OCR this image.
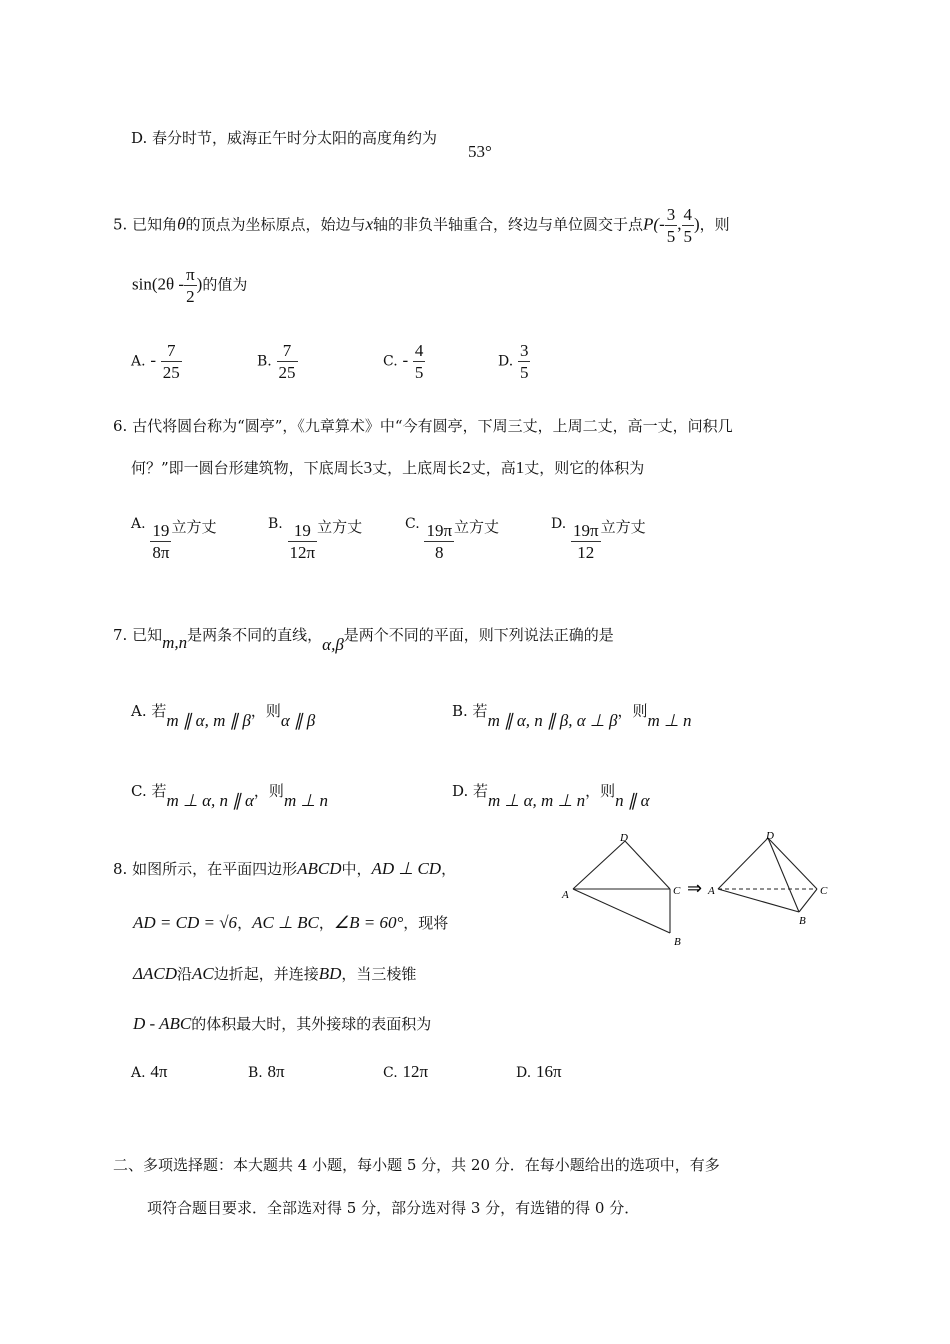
D. 春分时节，威海正午时分太阳的高度角约为
53°
5. 已知角θ的顶点为坐标原点，始边与x轴的非负半轴重合，终边与单位圆交于点$P(- \frac{3}{5}$ , $\frac{4}{5}$ )，则
$\sin(2\theta - \frac{\pi}{2}$ )的值为
A. - $\frac{7}{25}$	B. $\frac{7}{25}$	C. - $\frac{4}{5}$	D. $\frac{3}{5}$
6. 古代将圆台称为“圆亭”，《九章算术》中“今有圆亭，下周三丈，上周二丈，高一丈，问积几
何？”即一圆台形建筑物，下底周长3丈，上底周长2丈，高1丈，则它的体积为
A. $\frac{19}{8\pi}$ 立方丈	B. $\frac{19}{12\pi}$ 立方丈	C. $\frac{19\pi}{8}$ 立方丈	D. $\frac{19\pi}{12}$ 立方丈
7. 已知m,n是两条不同的直线，α,β是两个不同的平面，则下列说法正确的是
A. 若m ∥ α, m ∥ β，则α ∥ β	B. 若m ∥ α, n ∥ β, α ⊥ β，则m ⊥ n
C. 若m ⊥ α, n ∥ α，则m ⊥ n	D. 若m ⊥ α, m ⊥ n，则n ∥ α
8. 如图所示，在平面四边形ABCD中，AD ⊥ CD，
AD = CD = √6，AC ⊥ BC，∠B = 60°，现将
ΔACD沿AC边折起，并连接BD，当三棱锥
D - ABC的体积最大时，其外接球的表面积为
A. 4π	B. 8π	C. 12π	D. 16π
D
A	C
B
⇒
D
A	C
B
二、多项选择题：本大题共 4 小题，每小题 5 分，共 20 分．在每小题给出的选项中，有多
项符合题目要求．全部选对得 5 分，部分选对得 3 分，有选错的得 0 分．
